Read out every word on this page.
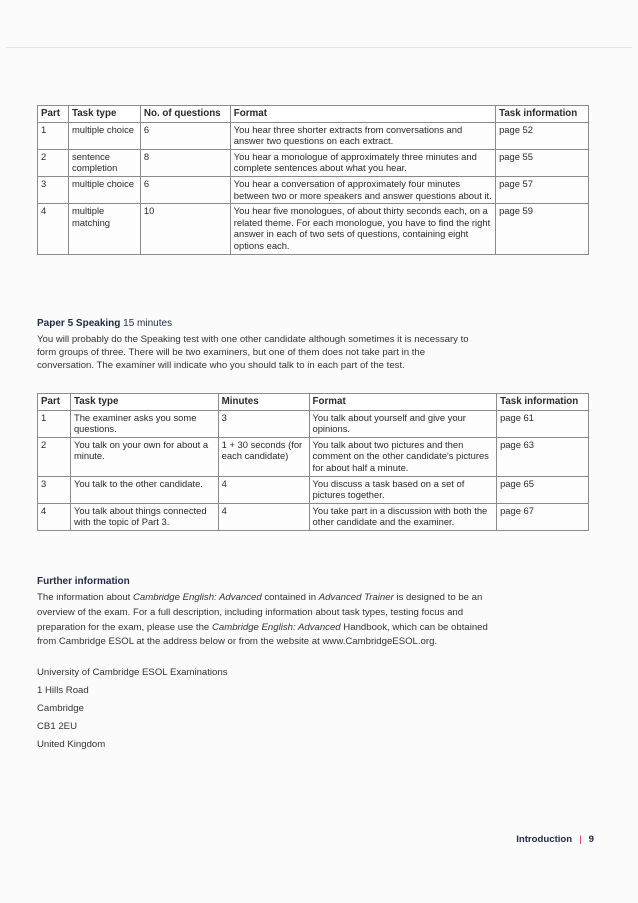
Part	Task type	No. of questions	Format	Task information
1	multiple choice	6	You hear three shorter extracts from conversations and answer two questions on each extract.	page 52
2	sentence completion	8	You hear a monologue of approximately three minutes and complete sentences about what you hear.	page 55
3	multiple choice	6	You hear a conversation of approximately four minutes between two or more speakers and answer questions about it.	page 57
4	multiple matching	10	You hear five monologues, of about thirty seconds each, on a related theme. For each monologue, you have to find the right answer in each of two sets of questions, containing eight options each.	page 59
Paper 5 Speaking 15 minutes
You will probably do the Speaking test with one other candidate although sometimes it is necessary to form groups of three. There will be two examiners, but one of them does not take part in the conversation. The examiner will indicate who you should talk to in each part of the test.
Part	Task type	Minutes	Format	Task information
1	The examiner asks you some questions.	3	You talk about yourself and give your opinions.	page 61
2	You talk on your own for about a minute.	1 + 30 seconds (for each candidate)	You talk about two pictures and then comment on the other candidate's pictures for about half a minute.	page 63
3	You talk to the other candidate.	4	You discuss a task based on a set of pictures together.	page 65
4	You talk about things connected with the topic of Part 3.	4	You take part in a discussion with both the other candidate and the examiner.	page 67
Further information
The information about Cambridge English: Advanced contained in Advanced Trainer is designed to be an overview of the exam. For a full description, including information about task types, testing focus and preparation for the exam, please use the Cambridge English: Advanced Handbook, which can be obtained from Cambridge ESOL at the address below or from the website at www.CambridgeESOL.org.
University of Cambridge ESOL Examinations
1 Hills Road
Cambridge
CB1 2EU
United Kingdom
Introduction | 9
